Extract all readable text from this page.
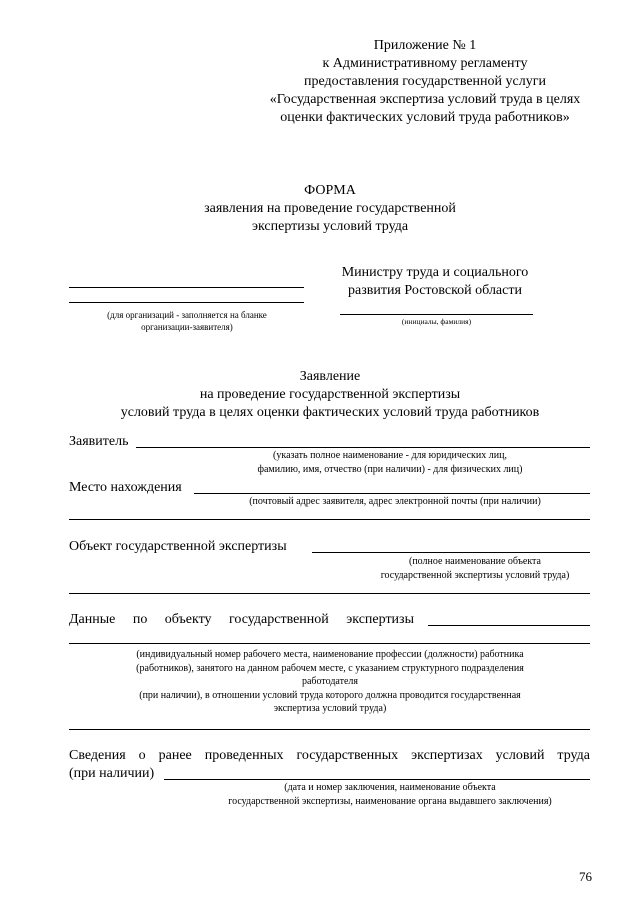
Приложение № 1
к Административному регламенту
предоставления государственной услуги
«Государственная экспертиза условий труда в целях
оценки фактических условий труда работников»
ФОРМА
заявления на проведение государственной
экспертизы условий труда
(для организаций - заполняется на бланке
организации-заявителя)
Министру труда и социального
развития Ростовской области
(инициалы, фамилия)
Заявление
на проведение государственной экспертизы
условий труда в целях оценки фактических условий труда работников
Заявитель
(указать полное наименование - для юридических лиц,
фамилию, имя, отчество (при наличии) - для физических лиц)
Место нахождения
(почтовый адрес заявителя, адрес электронной почты (при наличии)
Объект государственной экспертизы
(полное наименование объекта
государственной экспертизы условий труда)
Данные по объекту государственной экспертизы
(индивидуальный номер рабочего места, наименование профессии (должности) работника
(работников), занятого на данном рабочем месте, с указанием структурного подразделения
работодателя
(при наличии), в отношении условий труда которого должна проводится государственная
экспертиза условий труда)
Сведения о ранее проведенных государственных экспертизах условий труда
(при наличии)
(дата и номер заключения, наименование объекта
государственной экспертизы, наименование органа выдавшего заключения)
76
